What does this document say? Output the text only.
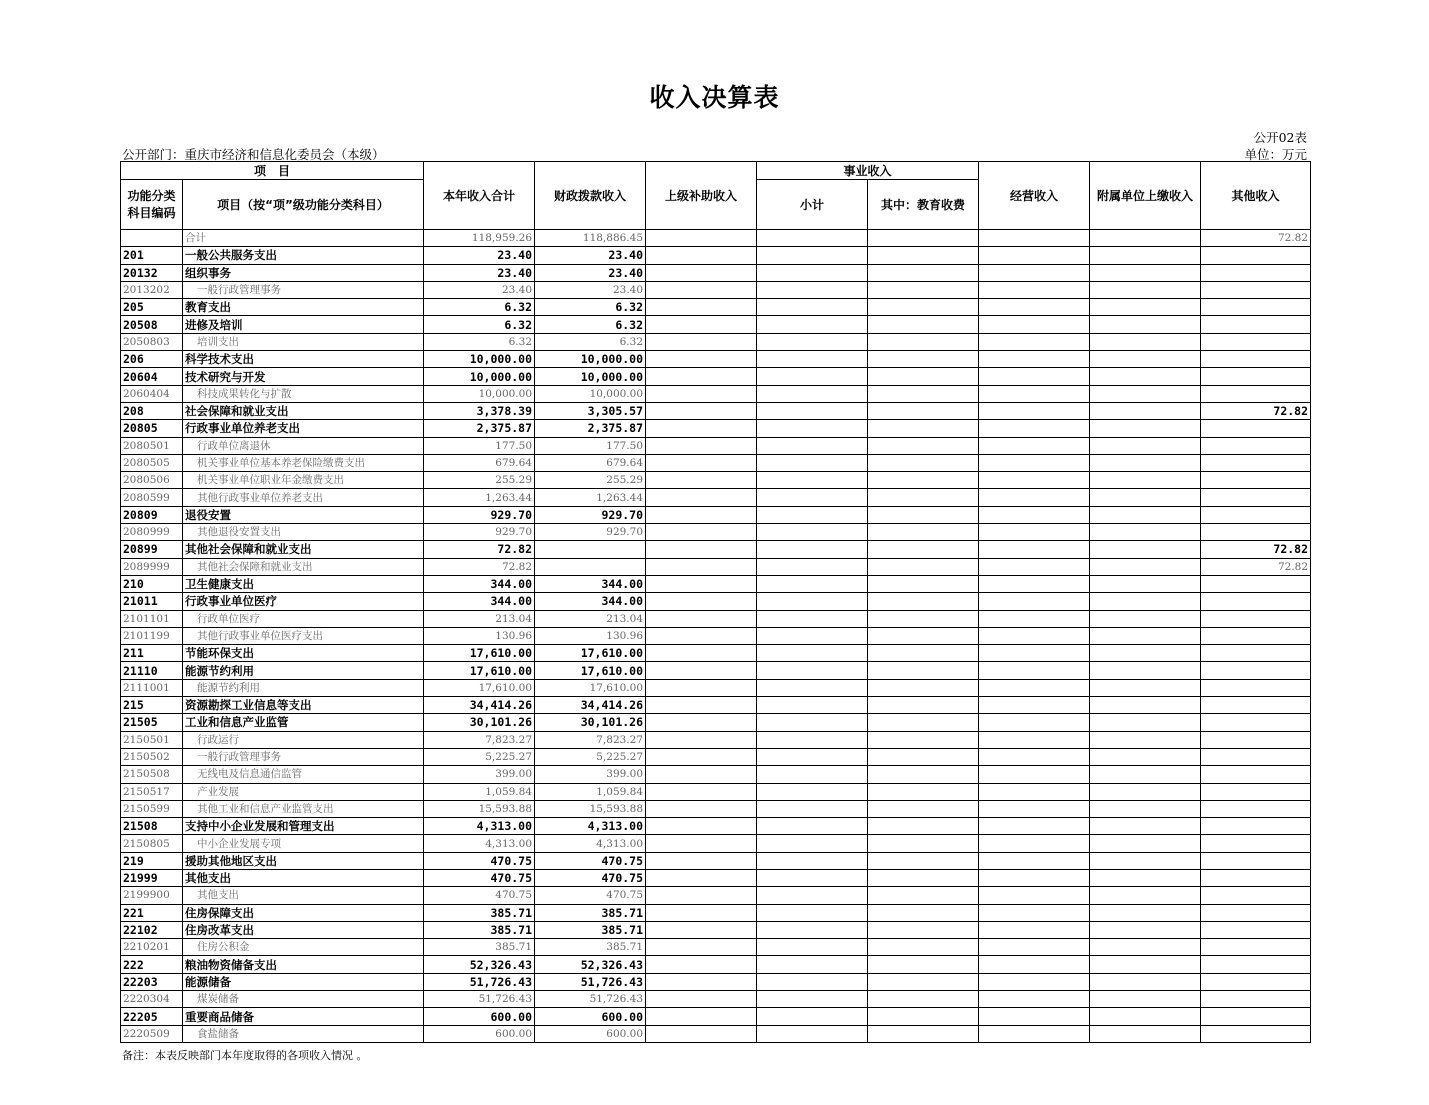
收入决算表
公开02表
公开部门：重庆市经济和信息化委员会（本级）	单位：万元
项　目		本年收入合计	财政拨款收入	上级补助收入	事业收入		经营收入	附属单位上缴收入	其他收入
功能分类科目编码	项目（按“项”级功能分类科目）				小计	其中：教育收费			
	合计	118,959.26	118,886.45						72.82
201	一般公共服务支出	23.40	23.40						
20132	组织事务	23.40	23.40						
2013202	一般行政管理事务	23.40	23.40						
205	教育支出	6.32	6.32						
20508	进修及培训	6.32	6.32						
2050803	培训支出	6.32	6.32						
206	科学技术支出	10,000.00	10,000.00						
20604	技术研究与开发	10,000.00	10,000.00						
2060404	科技成果转化与扩散	10,000.00	10,000.00						
208	社会保障和就业支出	3,378.39	3,305.57						72.82
20805	行政事业单位养老支出	2,375.87	2,375.87						
2080501	行政单位离退休	177.50	177.50						
2080505	机关事业单位基本养老保险缴费支出	679.64	679.64						
2080506	机关事业单位职业年金缴费支出	255.29	255.29						
2080599	其他行政事业单位养老支出	1,263.44	1,263.44						
20809	退役安置	929.70	929.70						
2080999	其他退役安置支出	929.70	929.70						
20899	其他社会保障和就业支出	72.82							72.82
2089999	其他社会保障和就业支出	72.82							72.82
210	卫生健康支出	344.00	344.00						
21011	行政事业单位医疗	344.00	344.00						
2101101	行政单位医疗	213.04	213.04						
2101199	其他行政事业单位医疗支出	130.96	130.96						
211	节能环保支出	17,610.00	17,610.00						
21110	能源节约利用	17,610.00	17,610.00						
2111001	能源节约利用	17,610.00	17,610.00						
215	资源勘探工业信息等支出	34,414.26	34,414.26						
21505	工业和信息产业监管	30,101.26	30,101.26						
2150501	行政运行	7,823.27	7,823.27						
2150502	一般行政管理事务	5,225.27	5,225.27						
2150508	无线电及信息通信监管	399.00	399.00						
2150517	产业发展	1,059.84	1,059.84						
2150599	其他工业和信息产业监管支出	15,593.88	15,593.88						
21508	支持中小企业发展和管理支出	4,313.00	4,313.00						
2150805	中小企业发展专项	4,313.00	4,313.00						
219	援助其他地区支出	470.75	470.75						
21999	其他支出	470.75	470.75						
2199900	其他支出	470.75	470.75						
221	住房保障支出	385.71	385.71						
22102	住房改革支出	385.71	385.71						
2210201	住房公积金	385.71	385.71						
222	粮油物资储备支出	52,326.43	52,326.43						
22203	能源储备	51,726.43	51,726.43						
2220304	煤炭储备	51,726.43	51,726.43						
22205	重要商品储备	600.00	600.00						
2220509	食盐储备	600.00	600.00						
备注：本表反映部门本年度取得的各项收入情况 。
